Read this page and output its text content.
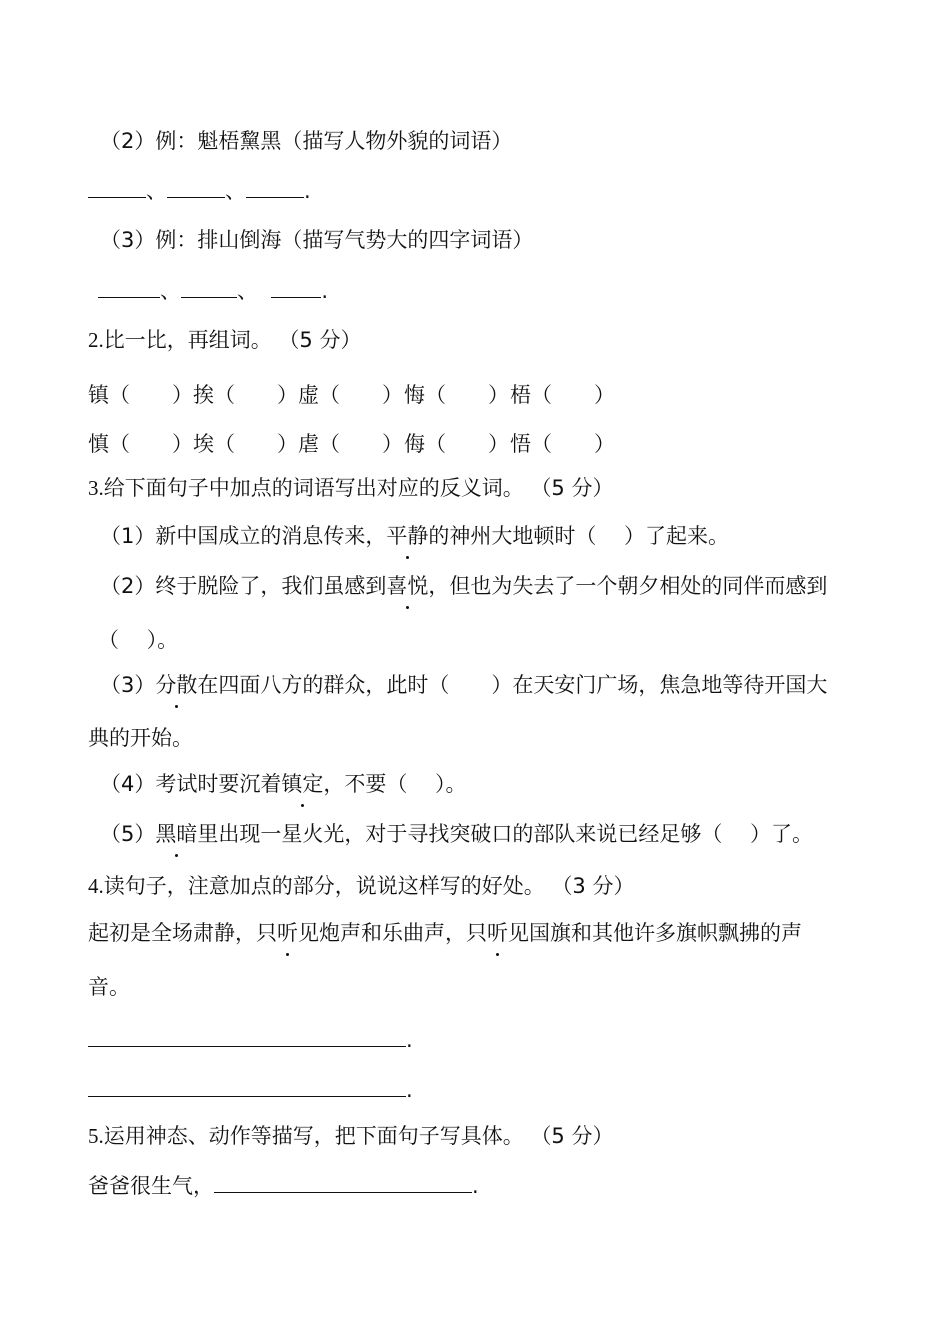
（2）例：魁梧黧黑（描写人物外貌的词语）
、	、	.
（3）例：排山倒海（描写气势大的四字词语）
、	、	.
2.比一比，再组词。 （5 分）
镇（　　） 挨（　　） 虚（　　） 悔（　　） 梧（　　）
慎（　　） 埃（　　） 虐（　　） 侮（　　） 悟（　　）
3.给下面句子中加点的词语写出对应的反义词。 （5 分）
（1）新中国成立的消息传来，平静的神州大地顿时（　 ）了起来。
（2）终于脱险了，我们虽感到喜悦，但也为失去了一个朝夕相处的同伴而感到
（　 ）。
（3）分散在四面八方的群众，此时（　　）在天安门广场，焦急地等待开国大
典的开始。
（4）考试时要沉着镇定，不要（　 ）。
（5）黑暗里出现一星火光，对于寻找突破口的部队来说已经足够（　 ）了。
4.读句子，注意加点的部分，说说这样写的好处。 （3 分）
起初是全场肃静，只听见炮声和乐曲声，只听见国旗和其他许多旗帜飘拂的声
音。
.
.
5.运用神态、动作等描写，把下面句子写具体。 （5 分）
爸爸很生气，	.
